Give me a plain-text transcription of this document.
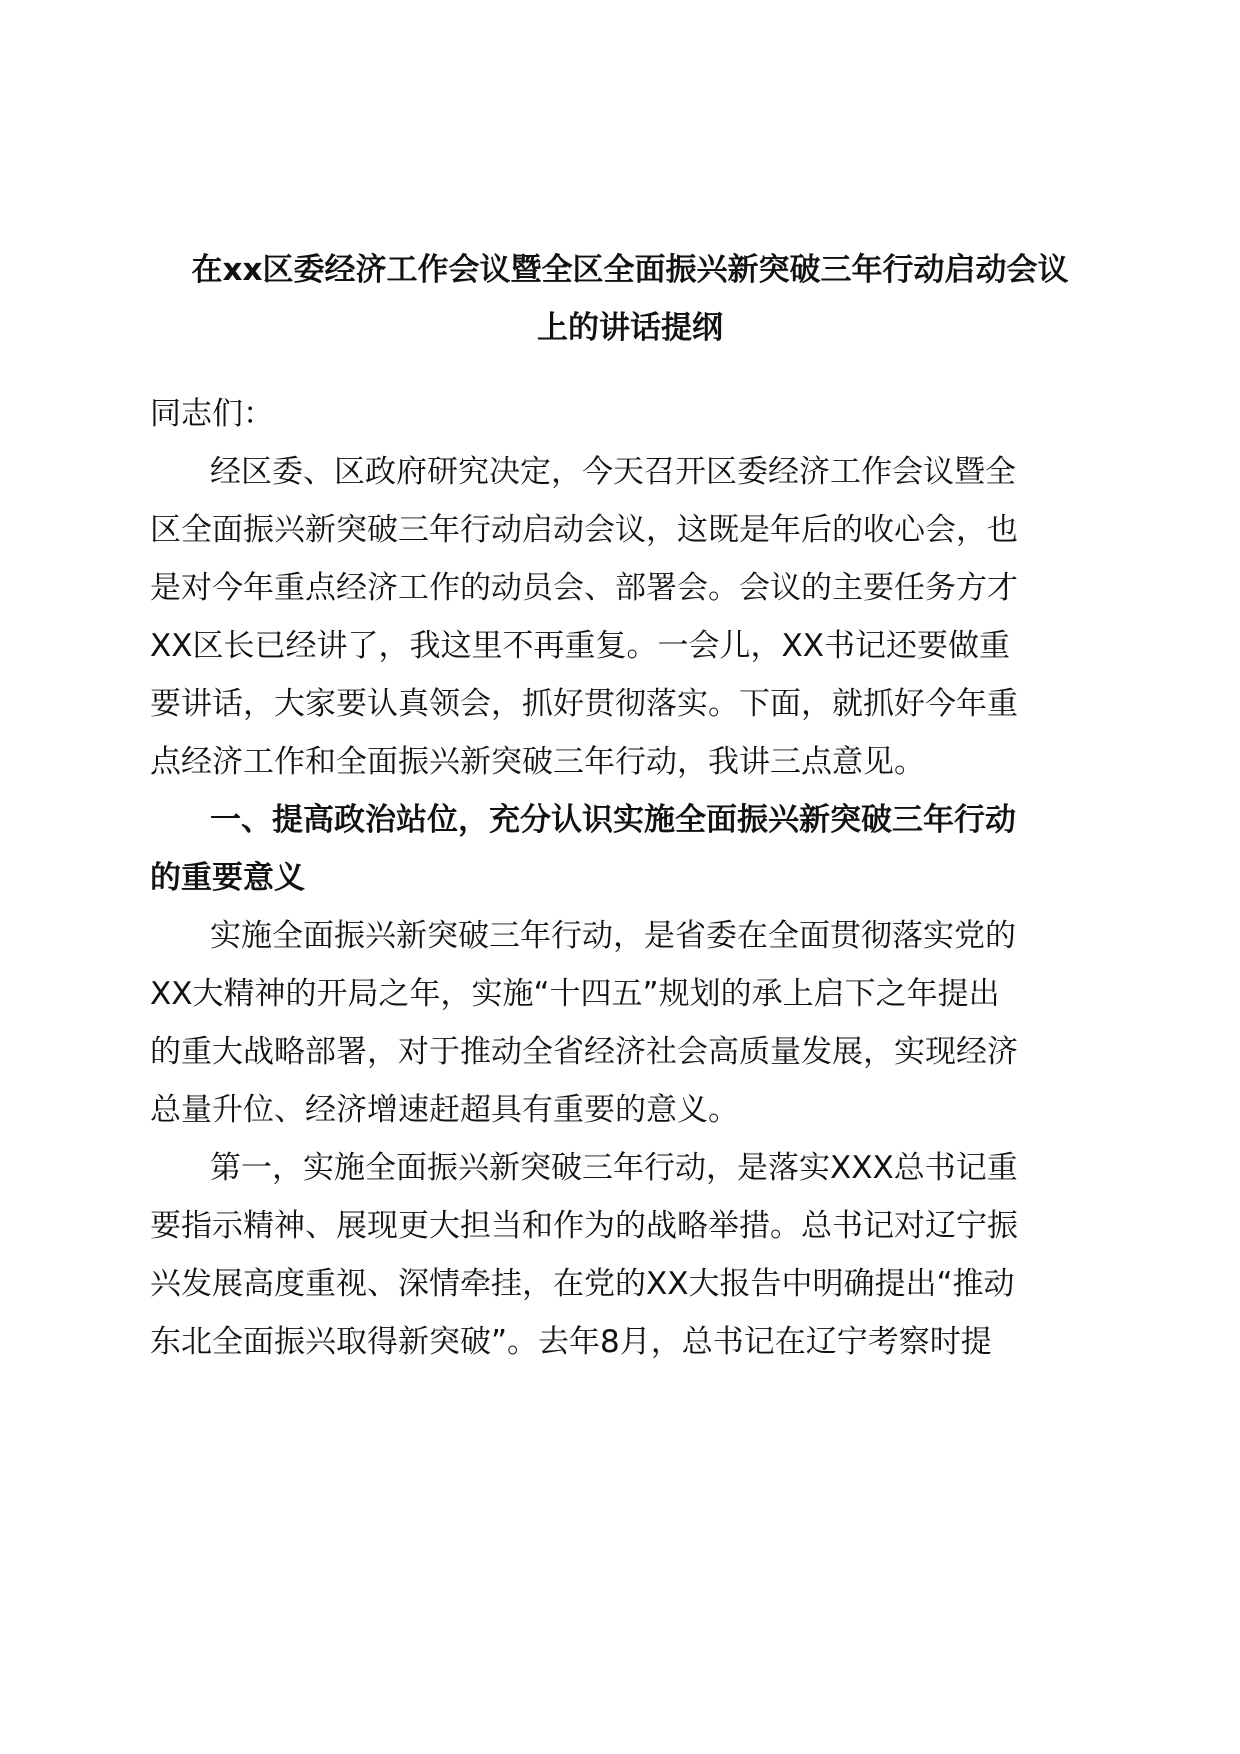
在xx区委经济工作会议暨全区全面振兴新突破三年行动启动会议
上的讲话提纲
同志们：
经区委、区政府研究决定，今天召开区委经济工作会议暨全
区全面振兴新突破三年行动启动会议，这既是年后的收心会，也
是对今年重点经济工作的动员会、部署会。会议的主要任务方才
XX区长已经讲了，我这里不再重复。一会儿，XX书记还要做重
要讲话，大家要认真领会，抓好贯彻落实。下面，就抓好今年重
点经济工作和全面振兴新突破三年行动，我讲三点意见。
一、提高政治站位，充分认识实施全面振兴新突破三年行动
的重要意义
实施全面振兴新突破三年行动，是省委在全面贯彻落实党的
XX大精神的开局之年，实施“十四五”规划的承上启下之年提出
的重大战略部署，对于推动全省经济社会高质量发展，实现经济
总量升位、经济增速赶超具有重要的意义。
第一，实施全面振兴新突破三年行动，是落实XXX总书记重
要指示精神、展现更大担当和作为的战略举措。总书记对辽宁振
兴发展高度重视、深情牵挂，在党的XX大报告中明确提出“推动
东北全面振兴取得新突破”。去年8月，总书记在辽宁考察时提
